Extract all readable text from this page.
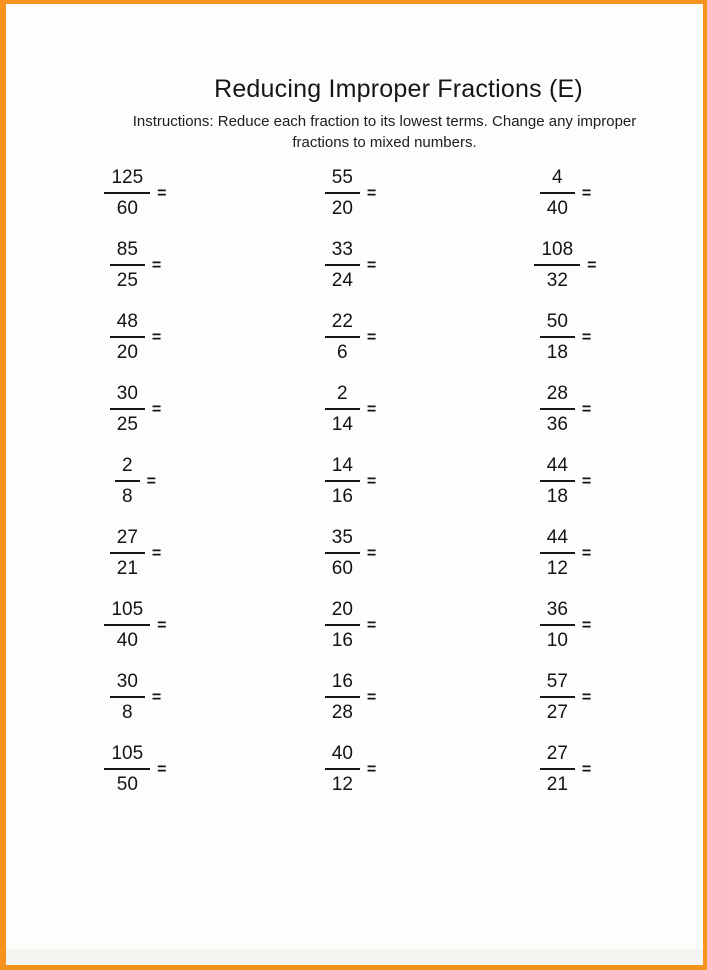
Reducing Improper Fractions (E)

Instructions: Reduce each fraction to its lowest terms. Change any improper fractions to mixed numbers.

$\frac{125}{60}$ =	$\frac{55}{20}$ =	$\frac{4}{40}$ =
$\frac{85}{25}$ =	$\frac{33}{24}$ =	$\frac{108}{32}$ =
$\frac{48}{20}$ =	$\frac{22}{6}$ =	$\frac{50}{18}$ =
$\frac{30}{25}$ =	$\frac{2}{14}$ =	$\frac{28}{36}$ =
$\frac{2}{8}$ =	$\frac{14}{16}$ =	$\frac{44}{18}$ =
$\frac{27}{21}$ =	$\frac{35}{60}$ =	$\frac{44}{12}$ =
$\frac{105}{40}$ =	$\frac{20}{16}$ =	$\frac{36}{10}$ =
$\frac{30}{8}$ =	$\frac{16}{28}$ =	$\frac{57}{27}$ =
$\frac{105}{50}$ =	$\frac{40}{12}$ =	$\frac{27}{21}$ =
